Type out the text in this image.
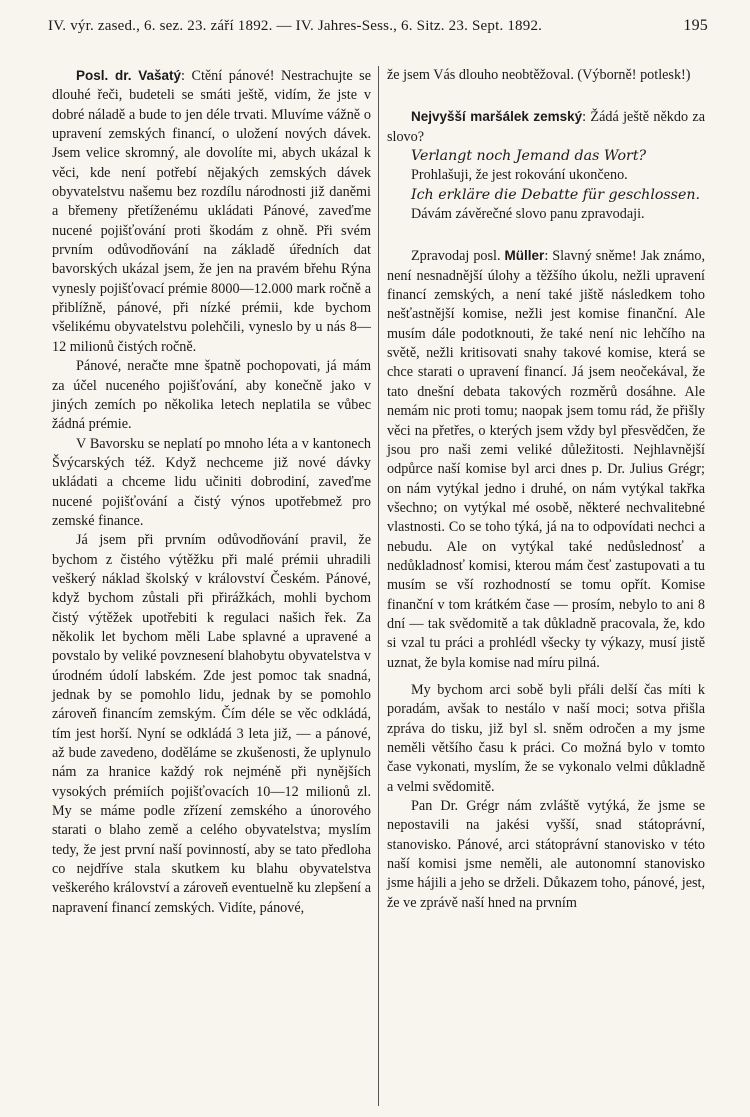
IV. výr. zased., 6. sez. 23. září 1892. — IV. Jahres-Sess., 6. Sitz. 23. Sept. 1892.	195

Posl. dr. Vašatý: Ctění pánové! Nestrachujte se dlouhé řeči, budeteli se smáti ještě, vidím, že jste v dobré náladě a bude to jen déle trvati. Mluvíme vážně o upravení zemských financí, o uložení nových dávek. Jsem velice skromný, ale dovolíte mi, abych ukázal k věci, kde není potřebí nějakých zemských dávek obyvatelstvu našemu bez rozdílu národnosti již daněmi a břemeny přetíženému ukládati Pánové, zaveďme nucené pojišťování proti škodám z ohně. Při svém prvním odůvodňování na základě úředních dat bavorských ukázal jsem, že jen na pravém břehu Rýna vynesly pojišťovací prémie 8000—12.000 mark ročně a přiblížně, pánové, při nízké prémii, kde bychom všelikému obyvatelstvu polehčili, vyneslo by u nás 8—12 milionů čistých ročně.

Pánové, neračte mne špatně pochopovati, já mám za účel nuceného pojišťování, aby konečně jako v jiných zemích po několika letech neplatila se vůbec žádná prémie.

V Bavorsku se neplatí po mnoho léta a v kantonech Švýcarských též. Když nechceme již nové dávky ukládati a chceme lidu učiniti dobrodiní, zaveďme nucené pojišťování a čistý výnos upotřebmež pro zemské finance.

Já jsem při prvním odůvodňování pravil, že bychom z čistého výtěžku při malé prémii uhradili veškerý náklad školský v království Českém. Pánové, když bychom zůstali při přirážkách, mohli bychom čistý výtěžek upotřebiti k regulaci našich řek. Za několik let bychom měli Labe splavné a upravené a povstalo by veliké povznesení blahobytu obyvatelstva v úrodném údolí labském. Zde jest pomoc tak snadná, jednak by se pomohlo lidu, jednak by se pomohlo zároveň financím zemským. Čím déle se věc odkládá, tím jest horší. Nyní se odkládá 3 leta již, — a pánové, až bude zavedeno, doděláme se zkušenosti, že uplynulo nám za hranice každý rok nejméně při nynějších vysokých prémiích pojišťovacích 10—12 milionů zl. My se máme podle zřízení zemského a únorového starati o blaho země a celého obyvatelstva; myslím tedy, že jest první naší povinností, aby se tato předloha co nejdříve stala skutkem ku blahu obyvatelstva veškerého království a zároveň eventuelně ku zlepšení a napravení financí zemských. Vidíte, pánové,

že jsem Vás dlouho neobtěžoval. (Výborně! potlesk!)

Nejvyšší maršálek zemský: Žádá ještě někdo za slovo?

Verlangt noch Jemand das Wort?

Prohlašuji, že jest rokování ukončeno.

Ich erkläre die Debatte für geschlossen.

Dávám závěrečné slovo panu zpravodaji.

Zpravodaj posl. Müller: Slavný sněme! Jak známo, není nesnadnější úlohy a těžšího úkolu, nežli upravení financí zemských, a není také jiště následkem toho nešťastnější komise, nežli jest komise finanční. Ale musím dále podotknouti, že také není nic lehčího na světě, nežli kritisovati snahy takové komise, která se chce starati o upravení financí. Já jsem neočekával, že tato dnešní debata takových rozměrů dosáhne. Ale nemám nic proti tomu; naopak jsem tomu rád, že přišly věci na přetřes, o kterých jsem vždy byl přesvědčen, že jsou pro naši zemi veliké důležitosti. Nejhlavnější odpůrce naší komise byl arci dnes p. Dr. Julius Grégr; on nám vytýkal jedno i druhé, on nám vytýkal takřka všechno; on vytýkal mé osobě, některé nechvalitebné vlastnosti. Co se toho týká, já na to odpovídati nechci a nebudu. Ale on vytýkal také nedůslednosť a nedůkladnosť komisi, kterou mám česť zastupovati a tu musím se vší rozhodností se tomu opřít. Komise finanční v tom krátkém čase — prosím, nebylo to ani 8 dní — tak svědomitě a tak důkladně pracovala, že, kdo si vzal tu práci a prohlédl všecky ty výkazy, musí jistě uznat, že byla komise nad míru pilná.

My bychom arci sobě byli přáli delší čas míti k poradám, avšak to nestálo v naší moci; sotva přišla zpráva do tisku, již byl sl. sněm odročen a my jsme neměli většího času k práci. Co možná bylo v tomto čase vykonati, myslím, že se vykonalo velmi důkladně a velmi svědomitě.

Pan Dr. Grégr nám zvláště vytýká, že jsme se nepostavili na jakési vyšší, snad státoprávní, stanovisko. Pánové, arci státoprávní stanovisko v této naší komisi jsme neměli, ale autonomní stanovisko jsme hájili a jeho se drželi. Důkazem toho, pánové, jest, že ve zprávě naší hned na prvním
